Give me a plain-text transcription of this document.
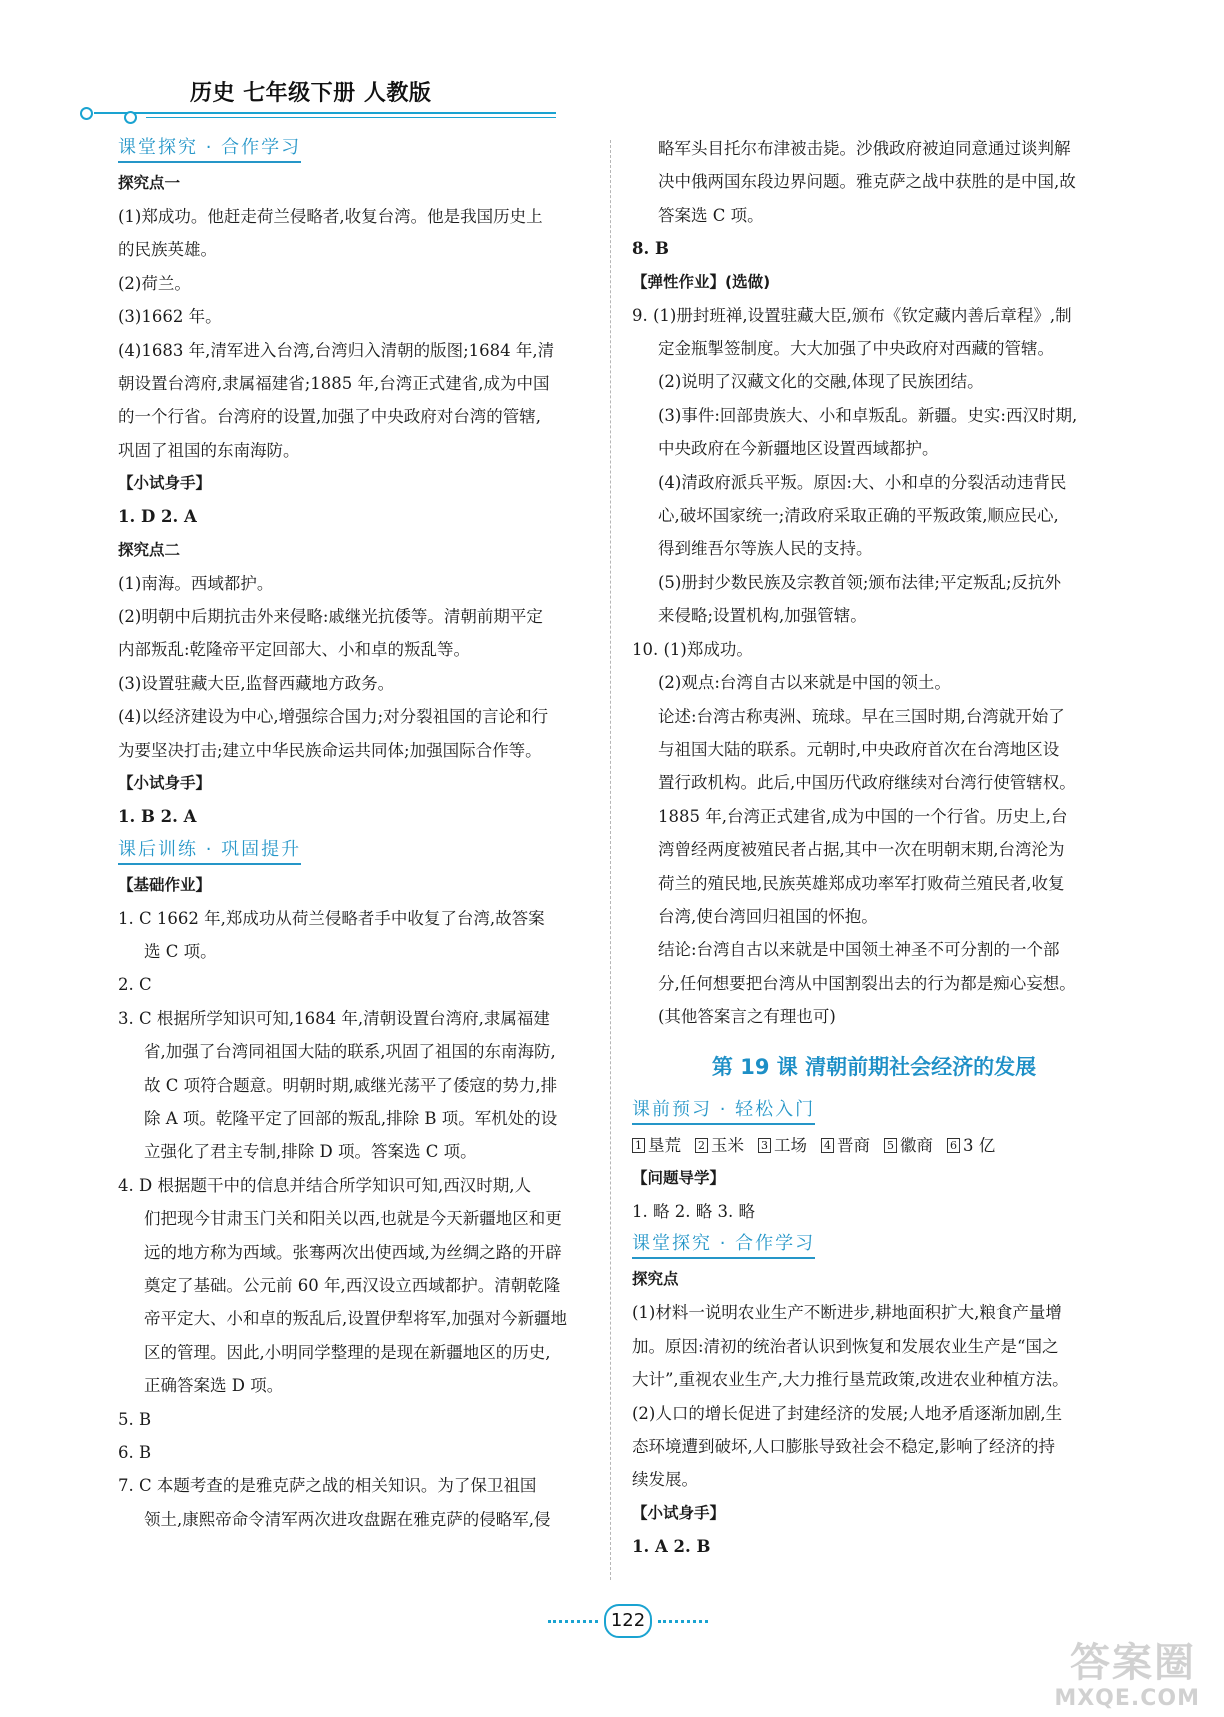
历史 七年级下册 人教版
课堂探究 · 合作学习
探究点一
(1)郑成功。他赶走荷兰侵略者,收复台湾。他是我国历史上
的民族英雄。
(2)荷兰。
(3)1662 年。
(4)1683 年,清军进入台湾,台湾归入清朝的版图;1684 年,清
朝设置台湾府,隶属福建省;1885 年,台湾正式建省,成为中国
的一个行省。台湾府的设置,加强了中央政府对台湾的管辖,
巩固了祖国的东南海防。
【小试身手】
1. D 2. A
探究点二
(1)南海。西域都护。
(2)明朝中后期抗击外来侵略:戚继光抗倭等。清朝前期平定
内部叛乱:乾隆帝平定回部大、小和卓的叛乱等。
(3)设置驻藏大臣,监督西藏地方政务。
(4)以经济建设为中心,增强综合国力;对分裂祖国的言论和行
为要坚决打击;建立中华民族命运共同体;加强国际合作等。
【小试身手】
1. B 2. A
课后训练 · 巩固提升
【基础作业】
1. C 1662 年,郑成功从荷兰侵略者手中收复了台湾,故答案
选 C 项。
2. C
3. C 根据所学知识可知,1684 年,清朝设置台湾府,隶属福建
省,加强了台湾同祖国大陆的联系,巩固了祖国的东南海防,
故 C 项符合题意。明朝时期,戚继光荡平了倭寇的势力,排
除 A 项。乾隆平定了回部的叛乱,排除 B 项。军机处的设
立强化了君主专制,排除 D 项。答案选 C 项。
4. D 根据题干中的信息并结合所学知识可知,西汉时期,人
们把现今甘肃玉门关和阳关以西,也就是今天新疆地区和更
远的地方称为西域。张骞两次出使西域,为丝绸之路的开辟
奠定了基础。公元前 60 年,西汉设立西域都护。清朝乾隆
帝平定大、小和卓的叛乱后,设置伊犁将军,加强对今新疆地
区的管理。因此,小明同学整理的是现在新疆地区的历史,
正确答案选 D 项。
5. B
6. B
7. C 本题考查的是雅克萨之战的相关知识。为了保卫祖国
领土,康熙帝命令清军两次进攻盘踞在雅克萨的侵略军,侵
略军头目托尔布津被击毙。沙俄政府被迫同意通过谈判解
决中俄两国东段边界问题。雅克萨之战中获胜的是中国,故
答案选 C 项。
8. B
【弹性作业】(选做)
9. (1)册封班禅,设置驻藏大臣,颁布《钦定藏内善后章程》,制
定金瓶掣签制度。大大加强了中央政府对西藏的管辖。
(2)说明了汉藏文化的交融,体现了民族团结。
(3)事件:回部贵族大、小和卓叛乱。新疆。史实:西汉时期,
中央政府在今新疆地区设置西域都护。
(4)清政府派兵平叛。原因:大、小和卓的分裂活动违背民
心,破坏国家统一;清政府采取正确的平叛政策,顺应民心,
得到维吾尔等族人民的支持。
(5)册封少数民族及宗教首领;颁布法律;平定叛乱;反抗外
来侵略;设置机构,加强管辖。
10. (1)郑成功。
(2)观点:台湾自古以来就是中国的领土。
论述:台湾古称夷洲、琉球。早在三国时期,台湾就开始了
与祖国大陆的联系。元朝时,中央政府首次在台湾地区设
置行政机构。此后,中国历代政府继续对台湾行使管辖权。
1885 年,台湾正式建省,成为中国的一个行省。历史上,台
湾曾经两度被殖民者占据,其中一次在明朝末期,台湾沦为
荷兰的殖民地,民族英雄郑成功率军打败荷兰殖民者,收复
台湾,使台湾回归祖国的怀抱。
结论:台湾自古以来就是中国领土神圣不可分割的一个部
分,任何想要把台湾从中国割裂出去的行为都是痴心妄想。
(其他答案言之有理也可)
第 19 课 清朝前期社会经济的发展
课前预习 · 轻松入门
1 垦荒 2 玉米 3 工场 4 晋商 5 徽商 6 3 亿
【问题导学】
1. 略 2. 略 3. 略
课堂探究 · 合作学习
探究点
(1)材料一说明农业生产不断进步,耕地面积扩大,粮食产量增
加。原因:清初的统治者认识到恢复和发展农业生产是“国之
大计”,重视农业生产,大力推行垦荒政策,改进农业种植方法。
(2)人口的增长促进了封建经济的发展;人地矛盾逐渐加剧,生
态环境遭到破坏,人口膨胀导致社会不稳定,影响了经济的持
续发展。
【小试身手】
1. A 2. B
122
答案圈
MXQE.COM
